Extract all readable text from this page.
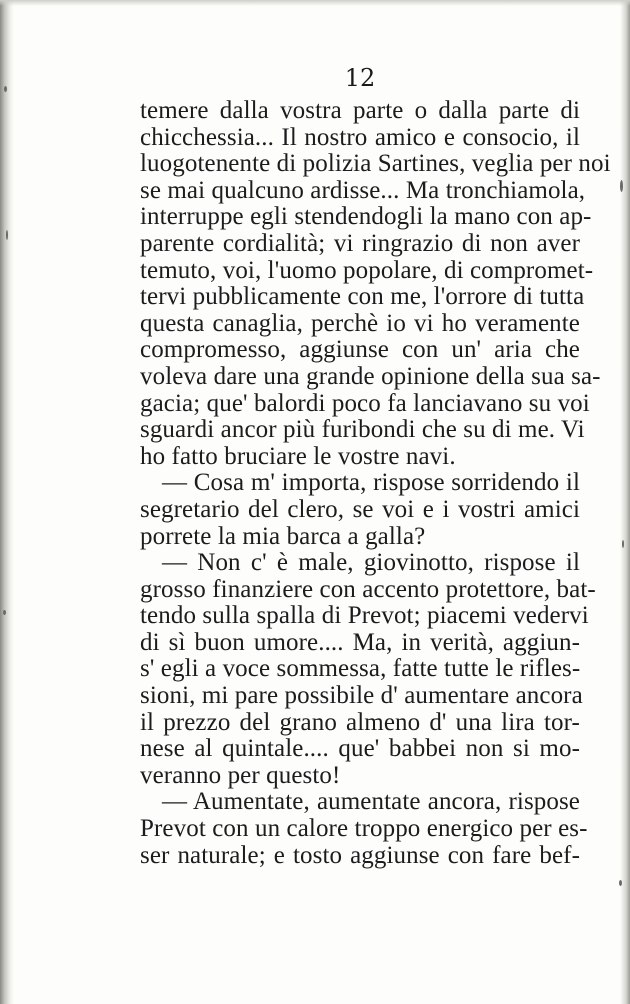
12
temere dalla vostra parte o dalla parte di
chicchessia... Il nostro amico e consocio, il
luogotenente di polizia Sartines, veglia per noi
se mai qualcuno ardisse... Ma tronchiamola,
interruppe egli stendendogli la mano con ap-
parente cordialità; vi ringrazio di non aver
temuto, voi, l'uomo popolare, di compromet-
tervi pubblicamente con me, l'orrore di tutta
questa canaglia, perchè io vi ho veramente
compromesso, aggiunse con un' aria che
voleva dare una grande opinione della sua sa-
gacia; que' balordi poco fa lanciavano su voi
sguardi ancor più furibondi che su di me. Vi
ho fatto bruciare le vostre navi.
— Cosa m' importa, rispose sorridendo il
segretario del clero, se voi e i vostri amici
porrete la mia barca a galla?
— Non c' è male, giovinotto, rispose il
grosso finanziere con accento protettore, bat-
tendo sulla spalla di Prevot; piacemi vedervi
di sì buon umore.... Ma, in verità, aggiun-
s' egli a voce sommessa, fatte tutte le rifles-
sioni, mi pare possibile d' aumentare ancora
il prezzo del grano almeno d' una lira tor-
nese al quintale.... que' babbei non si mo-
veranno per questo!
— Aumentate, aumentate ancora, rispose
Prevot con un calore troppo energico per es-
ser naturale; e tosto aggiunse con fare bef-
